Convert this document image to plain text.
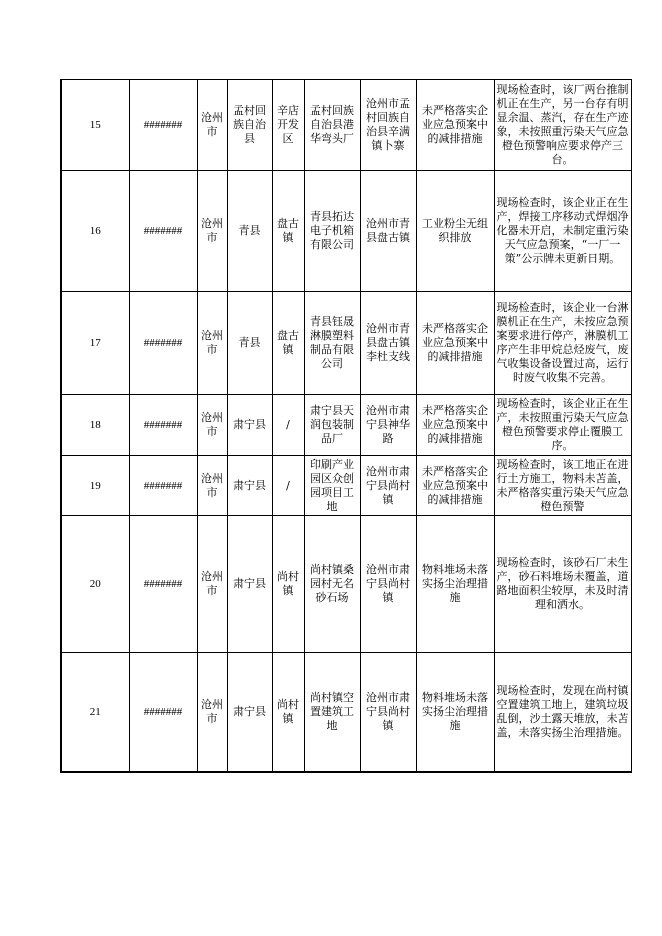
15	#######	沧州市	孟村回族自治县	辛店开发区	孟村回族自治县港华弯头厂	沧州市孟村回族自治县辛满镇卜寨	未严格落实企业应急预案中的减排措施	现场检查时，该厂两台推制机正在生产，另一台存有明显余温、蒸汽，存在生产迹象，未按照重污染天气应急橙色预警响应要求停产三台。
16	#######	沧州市	青县	盘古镇	青县拓达电子机箱有限公司	沧州市青县盘古镇	工业粉尘无组织排放	现场检查时，该企业正在生产，焊接工序移动式焊烟净化器未开启，未制定重污染天气应急预案，“一厂一策”公示牌未更新日期。
17	#######	沧州市	青县	盘古镇	青县钰晟淋膜塑料制品有限公司	沧州市青县盘古镇李杜支线	未严格落实企业应急预案中的减排措施	现场检查时，该企业一台淋膜机正在生产，未按应急预案要求进行停产，淋膜机工序产生非甲烷总烃废气，废气收集设备设置过高，运行时废气收集不完善。
18	#######	沧州市	肃宁县	/	肃宁县天润包装制品厂	沧州市肃宁县神华路	未严格落实企业应急预案中的减排措施	现场检查时，该企业正在生产，未按照重污染天气应急橙色预警要求停止覆膜工序。
19	#######	沧州市	肃宁县	/	印刷产业园区众创园项目工地	沧州市肃宁县尚村镇	未严格落实企业应急预案中的减排措施	现场检查时，该工地正在进行土方施工，物料未苫盖，未严格落实重污染天气应急橙色预警
20	#######	沧州市	肃宁县	尚村镇	尚村镇桑园村无名砂石场	沧州市肃宁县尚村镇	物料堆场未落实扬尘治理措施	现场检查时，该砂石厂未生产，砂石料堆场未覆盖，道路地面积尘较厚，未及时清理和洒水。
21	#######	沧州市	肃宁县	尚村镇	尚村镇空置建筑工地	沧州市肃宁县尚村镇	物料堆场未落实扬尘治理措施	现场检查时，发现在尚村镇空置建筑工地上，建筑垃圾乱倒，沙土露天堆放，未苫盖，未落实扬尘治理措施。
